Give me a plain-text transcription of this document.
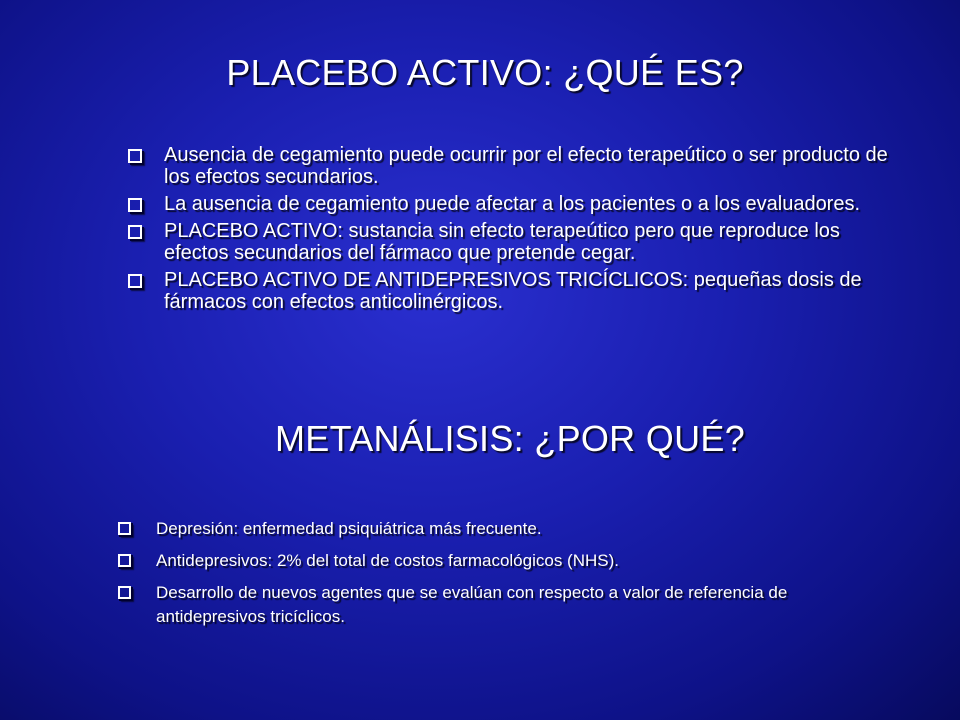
PLACEBO ACTIVO: ¿QUÉ ES?
Ausencia de cegamiento puede ocurrir por el efecto terapeútico o ser producto de los efectos secundarios.
La ausencia de cegamiento puede afectar a los pacientes o a los evaluadores.
PLACEBO ACTIVO: sustancia sin efecto terapeútico pero que reproduce los efectos secundarios del fármaco que pretende cegar.
PLACEBO ACTIVO DE ANTIDEPRESIVOS TRICÍCLICOS: pequeñas dosis de fármacos con efectos anticolinérgicos.
METANÁLISIS: ¿POR QUÉ?
Depresión: enfermedad psiquiátrica más frecuente.
Antidepresivos: 2% del total de costos farmacológicos (NHS).
Desarrollo de nuevos agentes que se evalúan con respecto a valor de referencia de antidepresivos tricíclicos.
